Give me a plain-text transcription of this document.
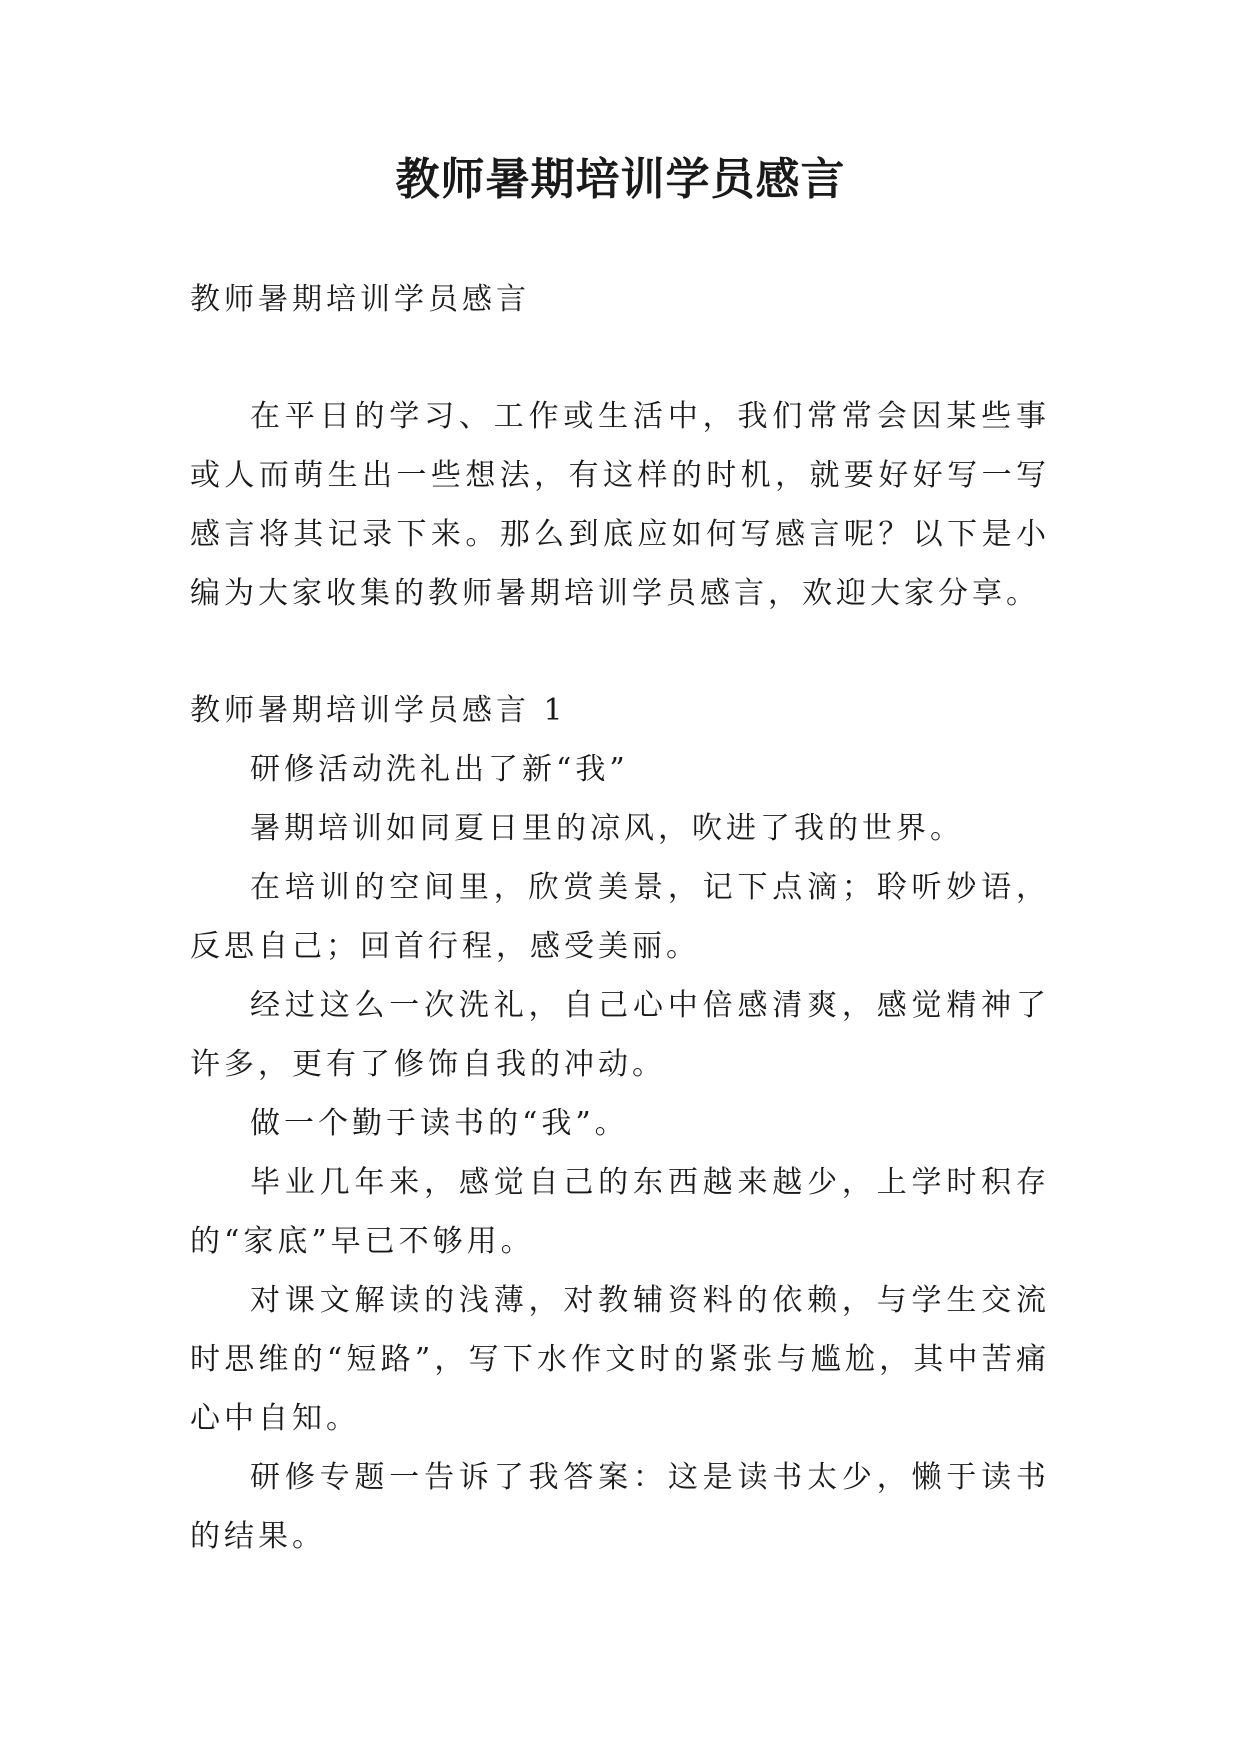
教师暑期培训学员感言

教师暑期培训学员感言

在平日的学习、工作或生活中，我们常常会因某些事或人而萌生出一些想法，有这样的时机，就要好好写一写感言将其记录下来。那么到底应如何写感言呢？以下是小编为大家收集的教师暑期培训学员感言，欢迎大家分享。

教师暑期培训学员感言 1

研修活动洗礼出了新“我”

暑期培训如同夏日里的凉风，吹进了我的世界。

在培训的空间里，欣赏美景，记下点滴；聆听妙语，反思自己；回首行程，感受美丽。

经过这么一次洗礼，自己心中倍感清爽，感觉精神了许多，更有了修饰自我的冲动。

做一个勤于读书的“我”。

毕业几年来，感觉自己的东西越来越少，上学时积存的“家底”早已不够用。

对课文解读的浅薄，对教辅资料的依赖，与学生交流时思维的“短路”，写下水作文时的紧张与尴尬，其中苦痛心中自知。

研修专题一告诉了我答案：这是读书太少，懒于读书的结果。
